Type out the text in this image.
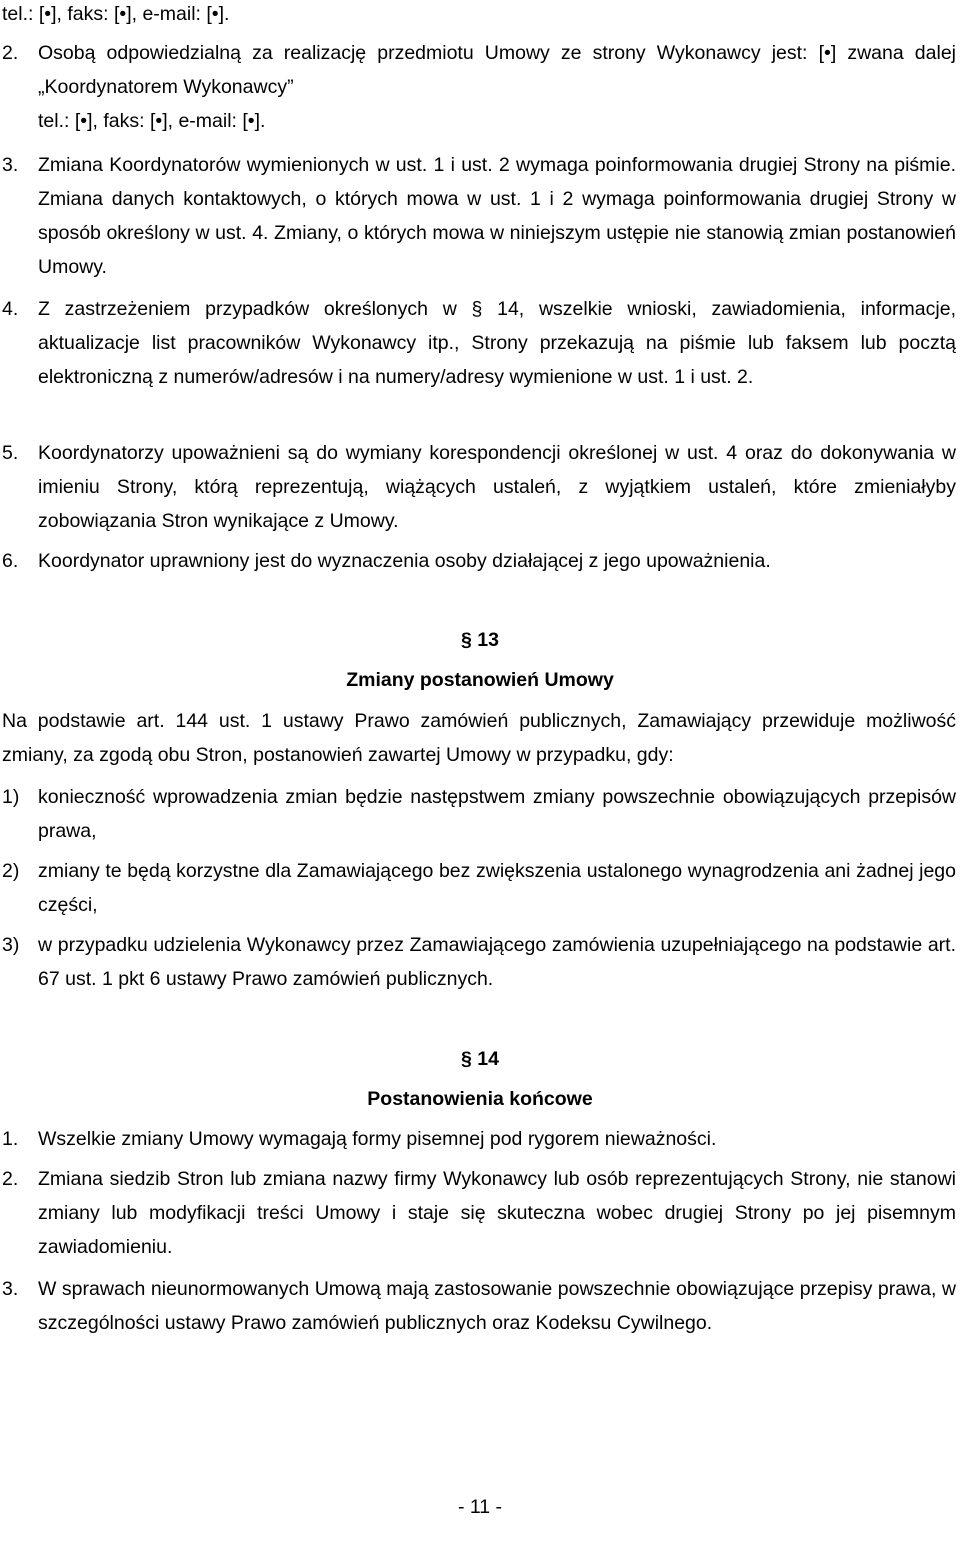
tel.: [•], faks: [•], e-mail: [•].
2.	Osobą odpowiedzialną za realizację przedmiotu Umowy ze strony Wykonawcy jest: [•] zwana dalej „Koordynatorem Wykonawcy”
tel.: [•], faks: [•], e-mail: [•].
3.	Zmiana Koordynatorów wymienionych w ust. 1 i ust. 2 wymaga poinformowania drugiej Strony na piśmie. Zmiana danych kontaktowych, o których mowa w ust. 1 i 2 wymaga poinformowania drugiej Strony w sposób określony w ust. 4. Zmiany, o których mowa w niniejszym ustępie nie stanowią zmian postanowień Umowy.
4.	Z zastrzeżeniem przypadków określonych w § 14, wszelkie wnioski, zawiadomienia, informacje, aktualizacje list pracowników Wykonawcy itp., Strony przekazują na piśmie lub faksem lub pocztą elektroniczną z numerów/adresów i na numery/adresy wymienione w ust. 1 i ust. 2.
5.	Koordynatorzy upoważnieni są do wymiany korespondencji określonej w ust. 4 oraz do dokonywania w imieniu Strony, którą reprezentują, wiążących ustaleń, z wyjątkiem ustaleń, które zmieniałyby zobowiązania Stron wynikające z Umowy.
6.	Koordynator uprawniony jest do wyznaczenia osoby działającej z jego upoważnienia.
§ 13
Zmiany postanowień Umowy
Na podstawie art. 144 ust. 1 ustawy Prawo zamówień publicznych, Zamawiający przewiduje możliwość zmiany, za zgodą obu Stron, postanowień zawartej Umowy w przypadku, gdy:
1) konieczność wprowadzenia zmian będzie następstwem zmiany powszechnie obowiązujących przepisów prawa,
2) zmiany te będą korzystne dla Zamawiającego bez zwiększenia ustalonego wynagrodzenia ani żadnej jego części,
3) w przypadku udzielenia Wykonawcy przez Zamawiającego zamówienia uzupełniającego na podstawie art. 67 ust. 1 pkt 6 ustawy Prawo zamówień publicznych.
§ 14
Postanowienia końcowe
1.	Wszelkie zmiany Umowy wymagają formy pisemnej pod rygorem nieważności.
2.	Zmiana siedzib Stron lub zmiana nazwy firmy Wykonawcy lub osób reprezentujących Strony, nie stanowi zmiany lub modyfikacji treści Umowy i staje się skuteczna wobec drugiej Strony po jej pisemnym zawiadomieniu.
3.	W sprawach nieunormowanych Umową mają zastosowanie powszechnie obowiązujące przepisy prawa, w szczególności ustawy Prawo zamówień publicznych oraz Kodeksu Cywilnego.
- 11 -
